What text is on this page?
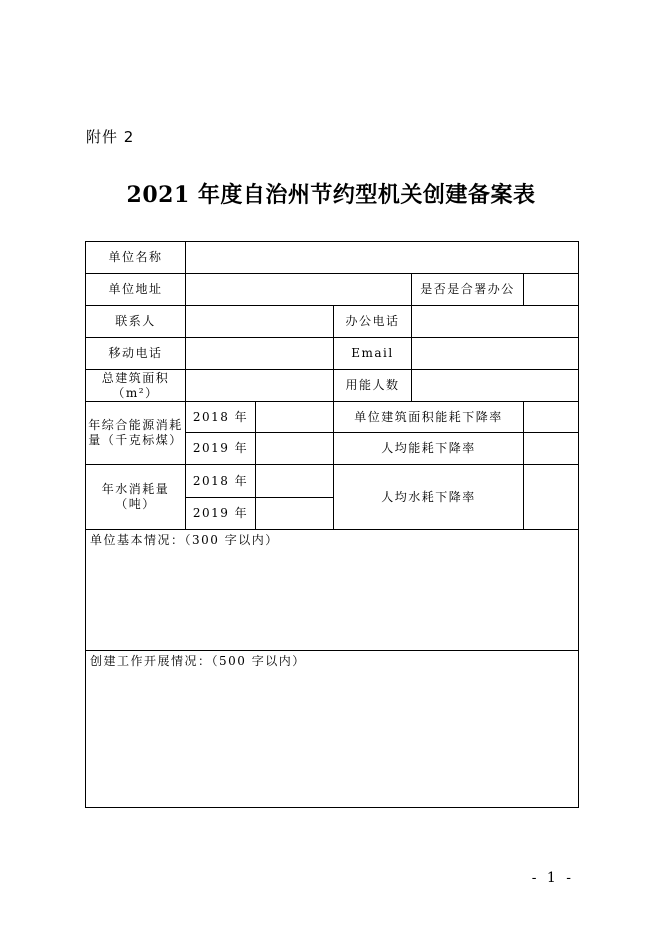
附件 2
2021 年度自治州节约型机关创建备案表
单位名称					
单位地址				是否是合署办公	
联系人			办公电话		
移动电话			Email		
总建筑面积（m²）			用能人数		
年综合能源消耗量（千克标煤）	2018 年		单位建筑面积能耗下降率		
	2019 年		人均能耗下降率		
年水消耗量（吨）	2018 年		人均水耗下降率		
	2019 年				
单位基本情况：（300 字以内）					
创建工作开展情况：（500 字以内）					
- 1 -
